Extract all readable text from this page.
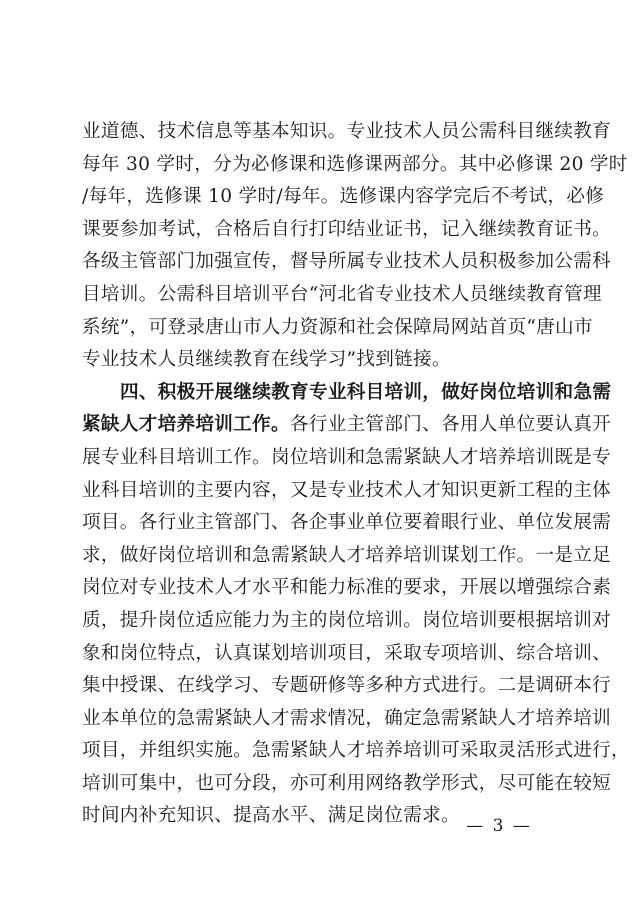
业道德、技术信息等基本知识。专业技术人员公需科目继续教育
每年 30 学时，分为必修课和选修课两部分。其中必修课 20 学时
/每年，选修课 10 学时/每年。选修课内容学完后不考试，必修
课要参加考试，合格后自行打印结业证书，记入继续教育证书。
各级主管部门加强宣传，督导所属专业技术人员积极参加公需科
目培训。公需科目培训平台“河北省专业技术人员继续教育管理
系统”，可登录唐山市人力资源和社会保障局网站首页“唐山市
专业技术人员继续教育在线学习”找到链接。
四、积极开展继续教育专业科目培训，做好岗位培训和急需
紧缺人才培养培训工作。各行业主管部门、各用人单位要认真开
展专业科目培训工作。岗位培训和急需紧缺人才培养培训既是专
业科目培训的主要内容，又是专业技术人才知识更新工程的主体
项目。各行业主管部门、各企事业单位要着眼行业、单位发展需
求，做好岗位培训和急需紧缺人才培养培训谋划工作。一是立足
岗位对专业技术人才水平和能力标准的要求，开展以增强综合素
质，提升岗位适应能力为主的岗位培训。岗位培训要根据培训对
象和岗位特点，认真谋划培训项目，采取专项培训、综合培训、
集中授课、在线学习、专题研修等多种方式进行。二是调研本行
业本单位的急需紧缺人才需求情况，确定急需紧缺人才培养培训
项目，并组织实施。急需紧缺人才培养培训可采取灵活形式进行，
培训可集中，也可分段，亦可利用网络教学形式，尽可能在较短
时间内补充知识、提高水平、满足岗位需求。 — 3 —
